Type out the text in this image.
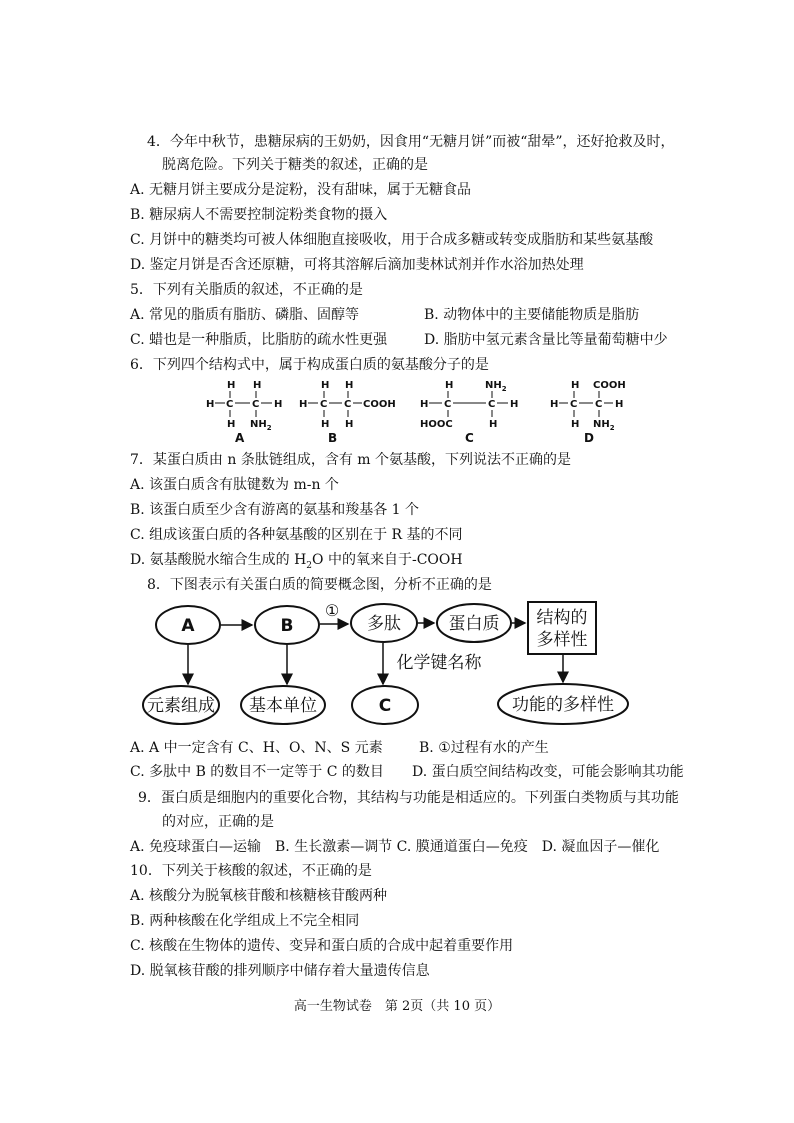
4．今年中秋节，患糖尿病的王奶奶，因食用“无糖月饼”而被“甜晕”，还好抢救及时，
脱离危险。下列关于糖类的叙述，正确的是
A. 无糖月饼主要成分是淀粉，没有甜味，属于无糖食品
B. 糖尿病人不需要控制淀粉类食物的摄入
C. 月饼中的糖类均可被人体细胞直接吸收，用于合成多糖或转变成脂肪和某些氨基酸
D. 鉴定月饼是否含还原糖，可将其溶解后滴加斐林试剂并作水浴加热处理
5．下列有关脂质的叙述，不正确的是
A. 常见的脂质有脂肪、磷脂、固醇等	B. 动物体中的主要储能物质是脂肪
C. 蜡也是一种脂质，比脂肪的疏水性更强	D. 脂肪中氢元素含量比等量葡萄糖中少
6．下列四个结构式中，属于构成蛋白质的氨基酸分子的是
H H
H C C H
H $NH_2$
A
H H
H C C COOH
H H
B
H	$NH_2$
H C	C H
HOOC	H
C
H COOH
H C C H
H $NH_2$
D
7．某蛋白质由 n 条肽链组成，含有 m 个氨基酸，下列说法不正确的是
A. 该蛋白质含有肽键数为 m-n 个
B. 该蛋白质至少含有游离的氨基和羧基各 1 个
C. 组成该蛋白质的各种氨基酸的区别在于 R 基的不同
D. 氨基酸脱水缩合生成的 $H_2O$ 中的氧来自于-COOH
8．下图表示有关蛋白质的简要概念图，分析不正确的是
A	B
①
多肽	蛋白质 结构的
多样性
化学键名称
元素组成 基本单位	C	功能的多样性
A. A 中一定含有 C、H、O、N、S 元素	B. ①过程有水的产生
C. 多肽中 B 的数目不一定等于 C 的数目 D. 蛋白质空间结构改变，可能会影响其功能
9．蛋白质是细胞内的重要化合物，其结构与功能是相适应的。下列蛋白类物质与其功能
的对应，正确的是
A. 免疫球蛋白—运输　B. 生长激素—调节 C. 膜通道蛋白—免疫　D. 凝血因子—催化
10．下列关于核酸的叙述，不正确的是
A. 核酸分为脱氧核苷酸和核糖核苷酸两种
B. 两种核酸在化学组成上不完全相同
C. 核酸在生物体的遗传、变异和蛋白质的合成中起着重要作用
D. 脱氧核苷酸的排列顺序中储存着大量遗传信息
高一生物试卷　第 2页（共 10 页）
